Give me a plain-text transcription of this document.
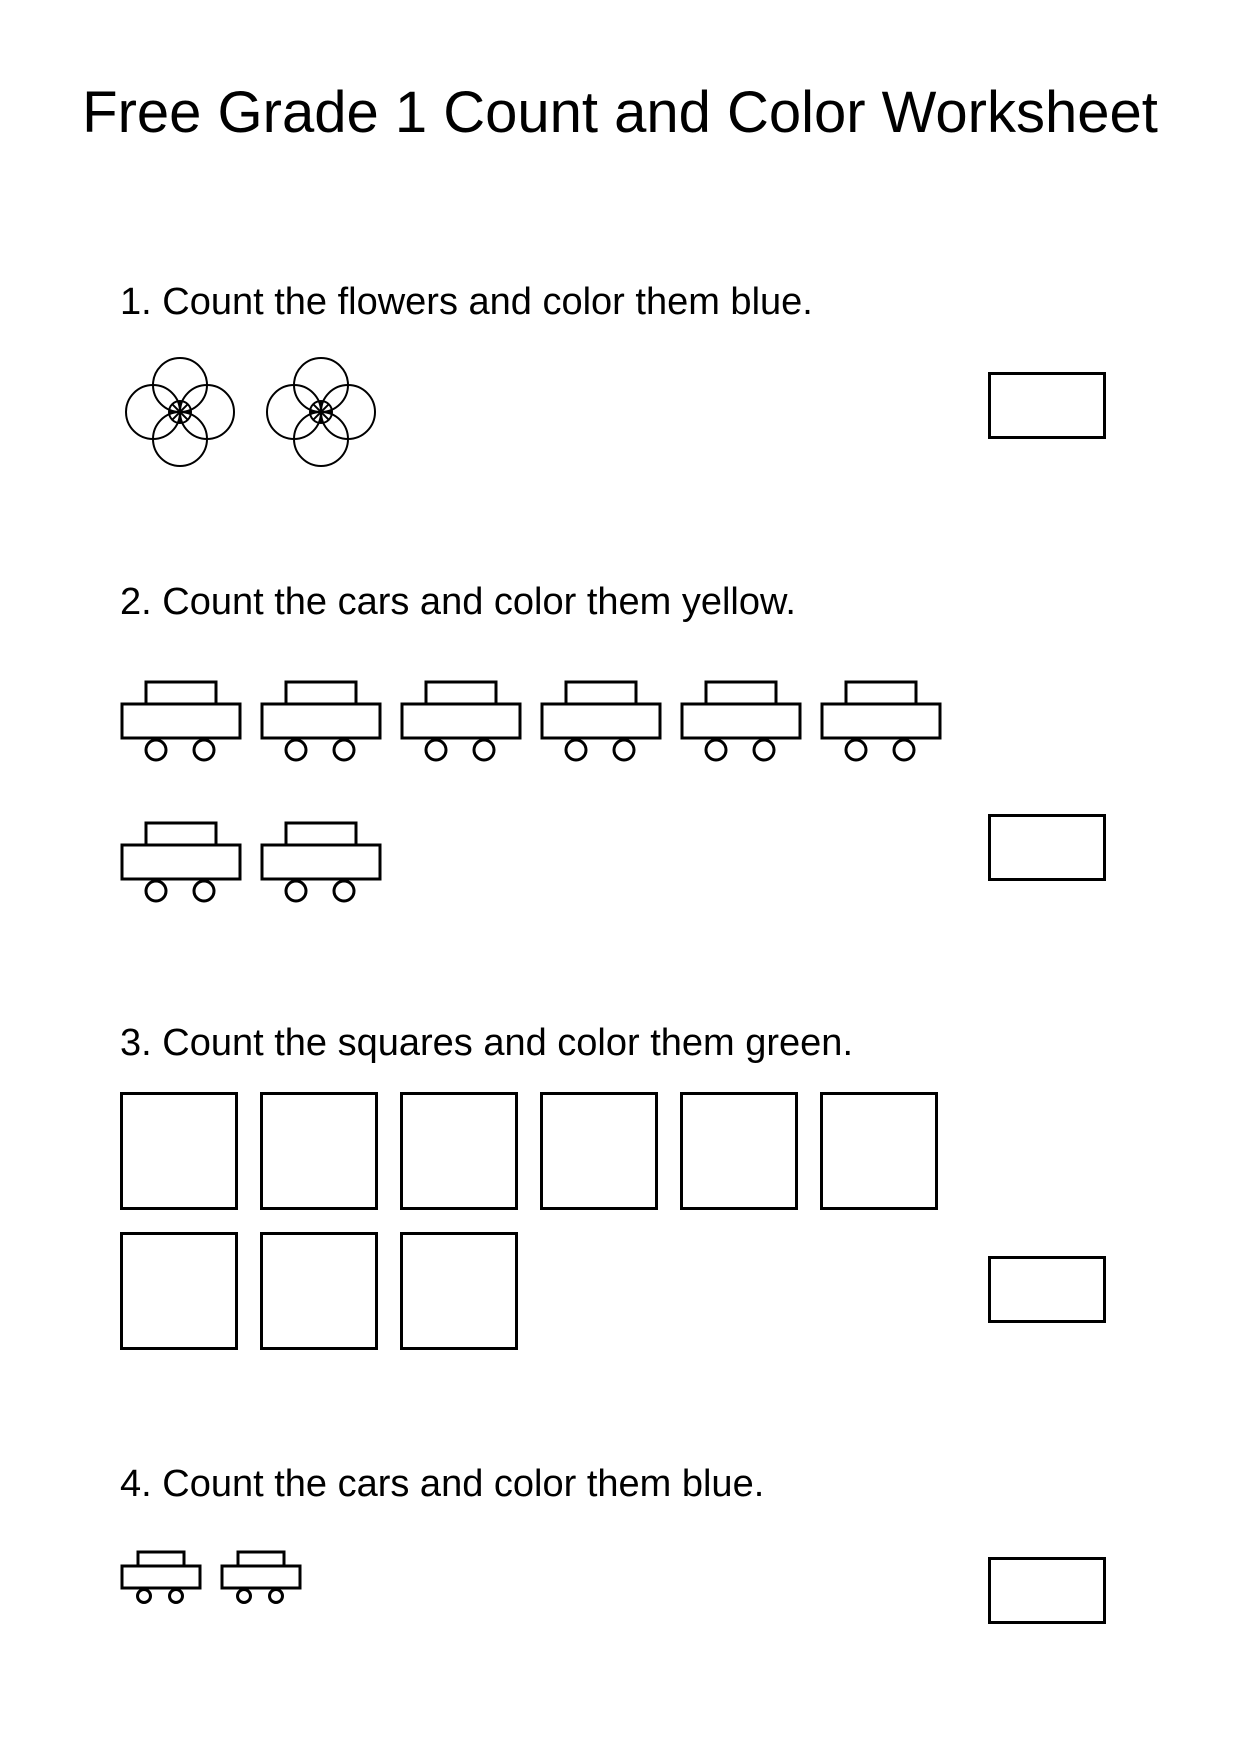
Free Grade 1 Count and Color Worksheet

1. Count the flowers and color them blue.

2. Count the cars and color them yellow.

3. Count the squares and color them green.

4. Count the cars and color them blue.
